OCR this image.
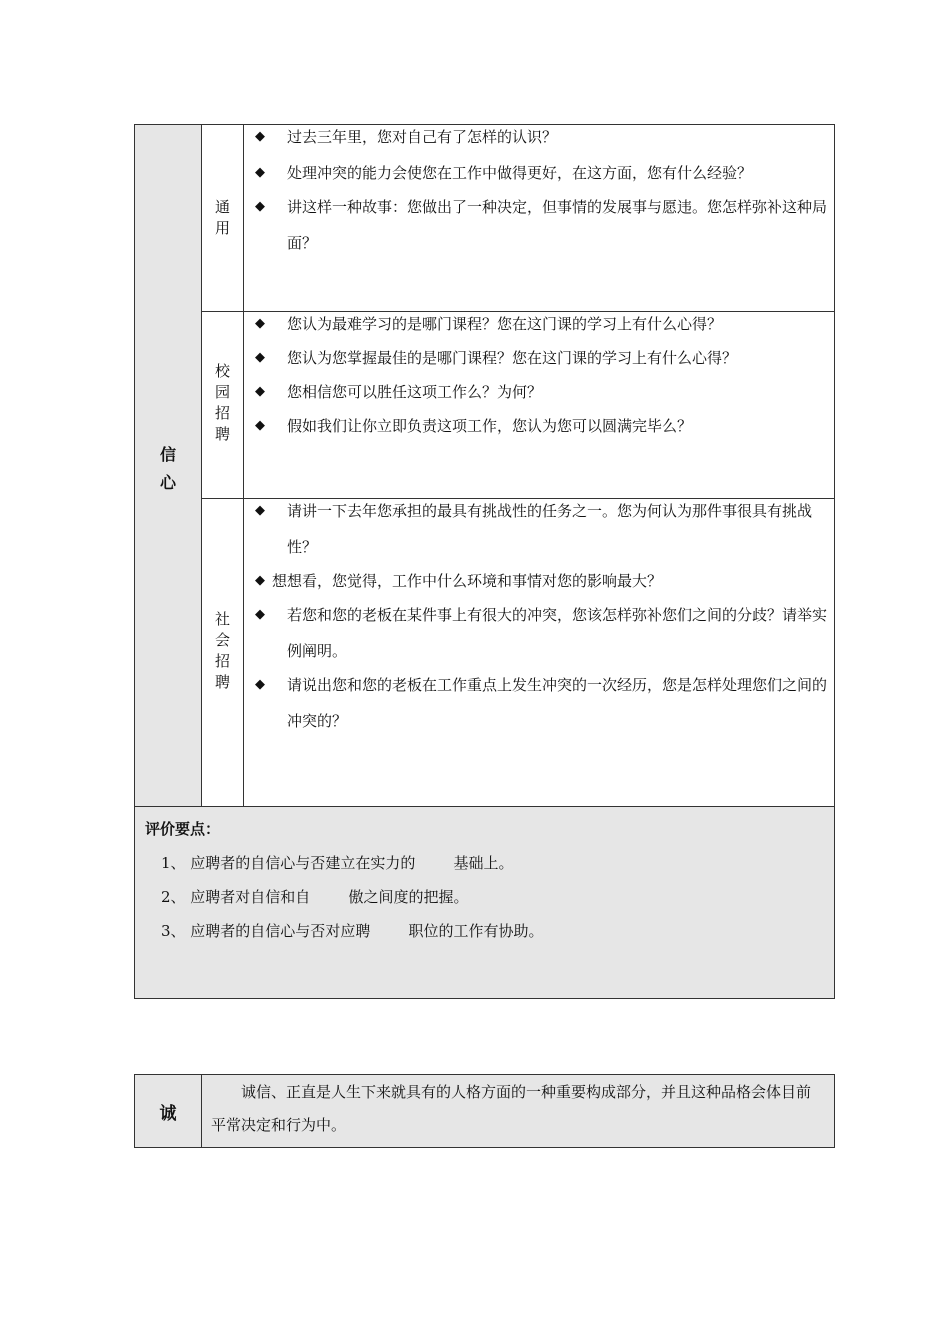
信
心
通
用
◆ 过去三年里，您对自己有了怎样的认识？
◆ 处理冲突的能力会使您在工作中做得更好，在这方面，您有什么经验？
◆ 讲这样一种故事：您做出了一种决定，但事情的发展事与愿违。您怎样弥补这种局面？
校
园
招
聘
◆ 您认为最难学习的是哪门课程？您在这门课的学习上有什么心得？
◆ 您认为您掌握最佳的是哪门课程？您在这门课的学习上有什么心得？
◆ 您相信您可以胜任这项工作么？为何？
◆ 假如我们让你立即负责这项工作，您认为您可以圆满完毕么？
社
会
招
聘
◆ 请讲一下去年您承担的最具有挑战性的任务之一。您为何认为那件事很具有挑战性？
◆ 想想看，您觉得，工作中什么环境和事情对您的影响最大？
◆ 若您和您的老板在某件事上有很大的冲突，您该怎样弥补您们之间的分歧？请举实例阐明。
◆ 请说出您和您的老板在工作重点上发生冲突的一次经历，您是怎样处理您们之间的冲突的？
评价要点：
1、 应聘者的自信心与否建立在实力的        基础上。
2、 应聘者对自信和自        傲之间度的把握。
3、 应聘者的自信心与否对应聘        职位的工作有协助。
诚
诚信、正直是人生下来就具有的人格方面的一种重要构成部分，并且这种品格会体目前平常决定和行为中。
